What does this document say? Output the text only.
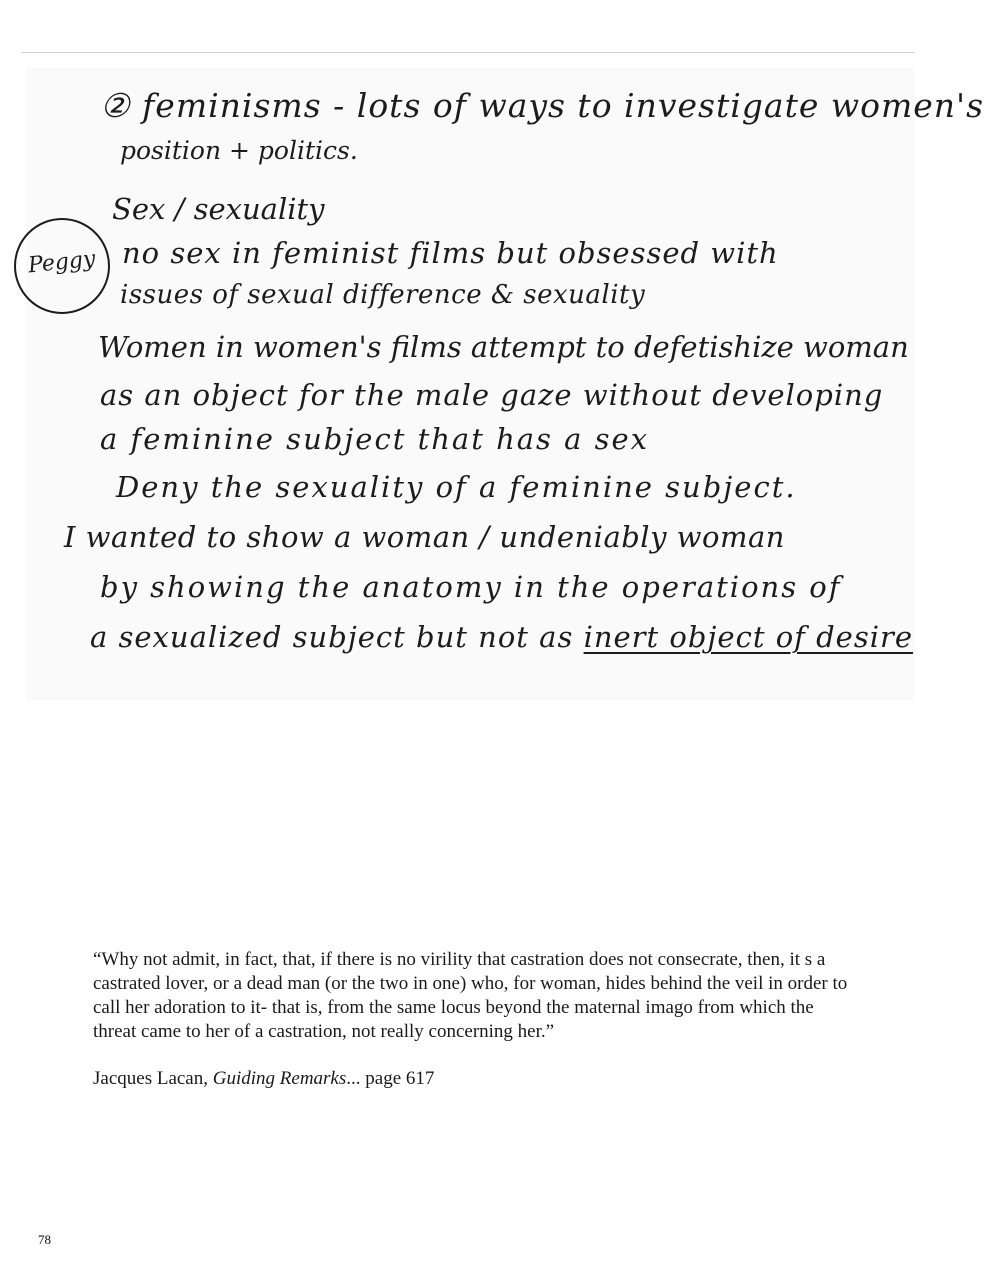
② feminisms - lots of ways to investigate women's

position + politics.

Sex / sexuality

Peggy no sex in feminist films but obsessed with

issues of sexual difference & sexuality

Women in women's films attempt to defetishize woman

as an object for the male gaze without developing

a feminine subject that has a sex

Deny the sexuality of a feminine subject.

I wanted to show a woman / undeniably woman

by showing the anatomy in the operations of

a sexualized subject but not as inert object of desire

“Why not admit, in fact, that, if there is no virility that castration does not consecrate, then, it s a castrated lover, or a dead man (or the two in one) who, for woman, hides behind the veil in order to call her adoration to it- that is, from the same locus beyond the maternal imago from which the threat came to her of a castration, not really concerning her.”

Jacques Lacan, Guiding Remarks... page 617
78
